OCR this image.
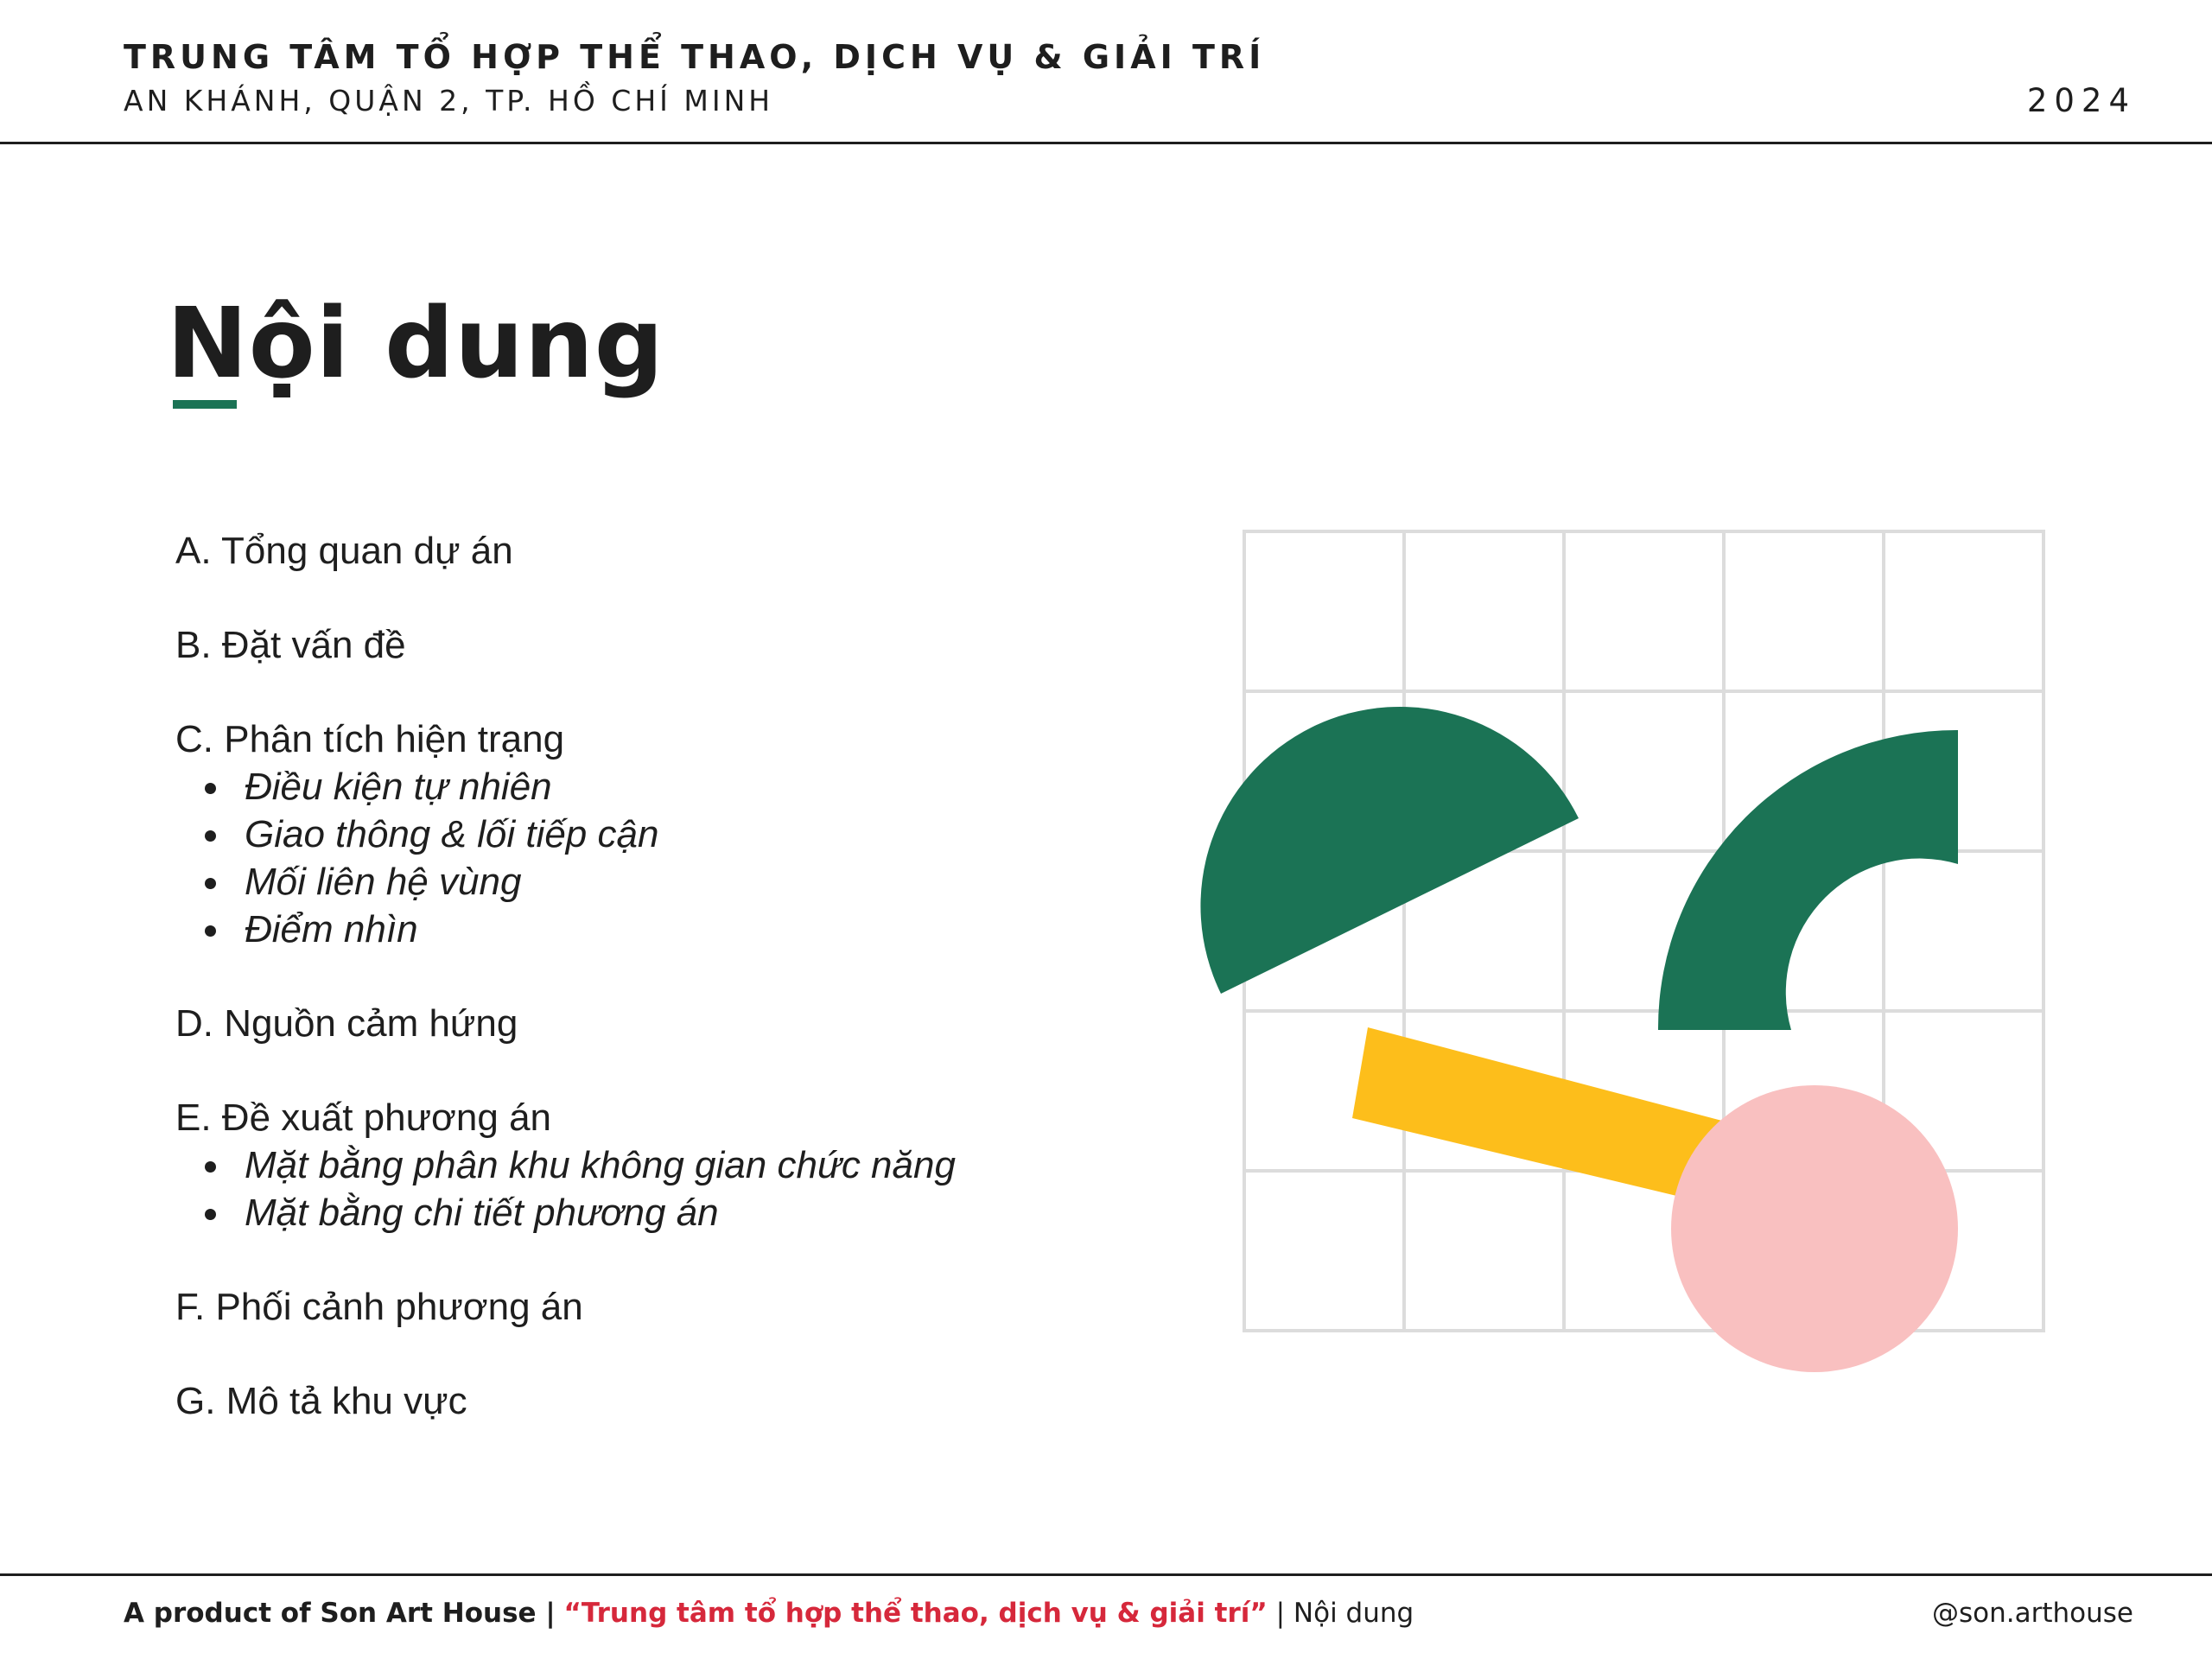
TRUNG TÂM TỔ HỢP THỂ THAO, DỊCH VỤ & GIẢI TRÍ
AN KHÁNH, QUẬN 2, TP. HỒ CHÍ MINH	2024
Nội dung
A. Tổng quan dự án
B. Đặt vấn đề
C. Phân tích hiện trạng
Điều kiện tự nhiên
Giao thông & lối tiếp cận
Mối liên hệ vùng
Điểm nhìn
D. Nguồn cảm hứng
E. Đề xuất phương án
Mặt bằng phân khu không gian chức năng
Mặt bằng chi tiết phương án
F. Phối cảnh phương án
G. Mô tả khu vực
A product of Son Art House | “Trung tâm tổ hợp thể thao, dịch vụ & giải trí” | Nội dung	@son.arthouse
